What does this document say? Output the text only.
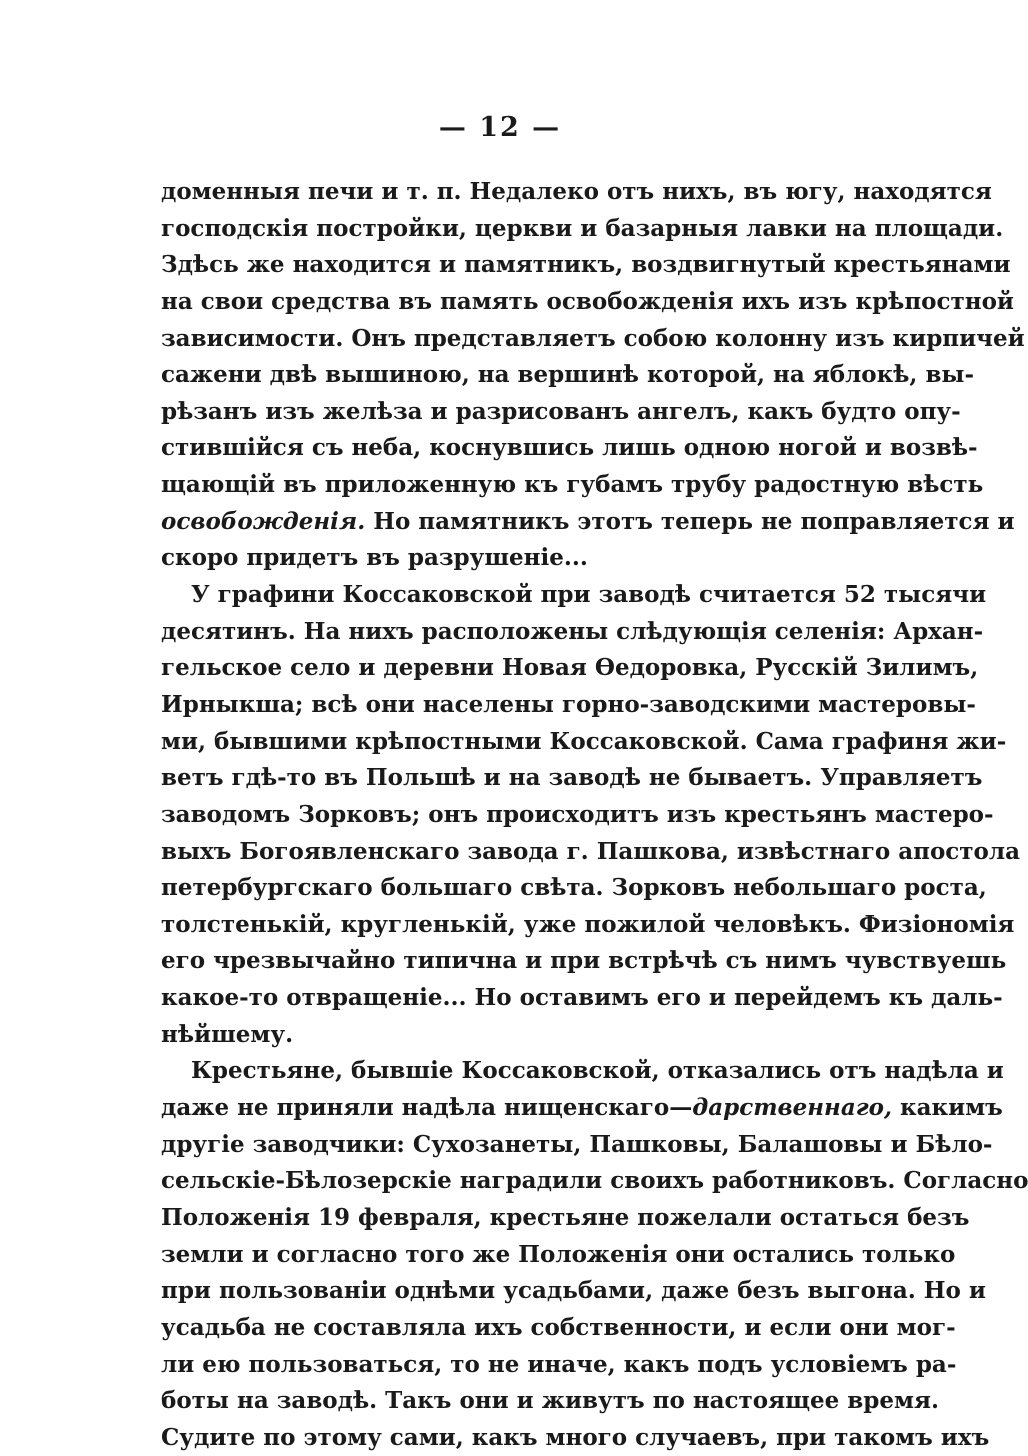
— 12 —
доменныя печи и т. п. Недалеко отъ нихъ, въ югу, находятся
господскія постройки, церкви и базарныя лавки на площади.
Здѣсь же находится и памятникъ, воздвигнутый крестьянами
на свои средства въ память освобожденія ихъ изъ крѣпостной
зависимости. Онъ представляетъ собою колонну изъ кирпичей
сажени двѣ вышиною, на вершинѣ которой, на яблокѣ, вы-
рѣзанъ изъ желѣза и разрисованъ ангелъ, какъ будто опу-
стившійся съ неба, коснувшись лишь одною ногой и возвѣ-
щающій въ приложенную къ губамъ трубу радостную вѣсть
освобожденія. Но памятникъ этотъ теперь не поправляется и
скоро придетъ въ разрушеніе...
У графини Коссаковской при заводѣ считается 52 тысячи
десятинъ. На нихъ расположены слѣдующія селенія: Архан-
гельское село и деревни Новая Ѳедоровка, Русскій Зилимъ,
Ирныкша; всѣ они населены горно-заводскими мастеровы-
ми, бывшими крѣпостными Коссаковской. Сама графиня жи-
ветъ гдѣ-то въ Польшѣ и на заводѣ не бываетъ. Управляетъ
заводомъ Зорковъ; онъ происходитъ изъ крестьянъ мастеро-
выхъ Богоявленскаго завода г. Пашкова, извѣстнаго апостола
петербургскаго большаго свѣта. Зорковъ небольшаго роста,
толстенькій, кругленькій, уже пожилой человѣкъ. Физіономія
его чрезвычайно типична и при встрѣчѣ съ нимъ чувствуешь
какое-то отвращеніе... Но оставимъ его и перейдемъ къ даль-
нѣйшему.
Крестьяне, бывшіе Коссаковской, отказались отъ надѣла и
даже не приняли надѣла нищенскаго—дарственнаго, какимъ
другіе заводчики: Сухозанеты, Пашковы, Балашовы и Бѣло-
сельскіе-Бѣлозерскіе наградили своихъ работниковъ. Согласно
Положенія 19 февраля, крестьяне пожелали остаться безъ
земли и согласно того же Положенія они остались только
при пользованіи однѣми усадьбами, даже безъ выгона. Но и
усадьба не составляла ихъ собственности, и если они мог-
ли ею пользоваться, то не иначе, какъ подъ условіемъ ра-
боты на заводѣ. Такъ они и живутъ по настоящее время.
Судите по этому сами, какъ много случаевъ, при такомъ ихъ
